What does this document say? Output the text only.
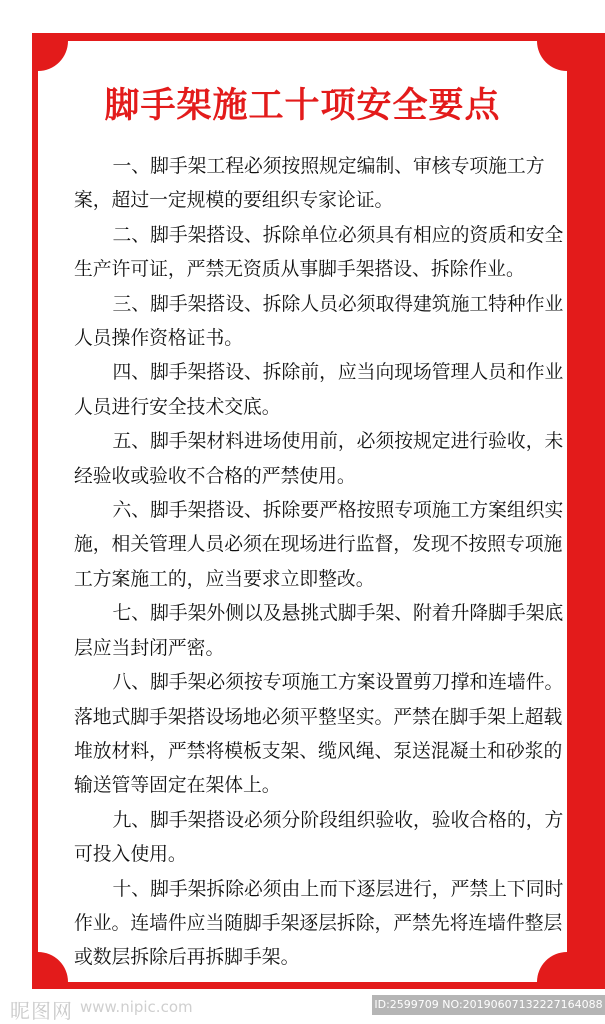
脚手架施工十项安全要点

一、脚手架工程必须按照规定编制、审核专项施工方案，超过一定规模的要组织专家论证。

二、脚手架搭设、拆除单位必须具有相应的资质和安全生产许可证，严禁无资质从事脚手架搭设、拆除作业。

三、脚手架搭设、拆除人员必须取得建筑施工特种作业人员操作资格证书。

四、脚手架搭设、拆除前，应当向现场管理人员和作业人员进行安全技术交底。

五、脚手架材料进场使用前，必须按规定进行验收，未经验收或验收不合格的严禁使用。

六、脚手架搭设、拆除要严格按照专项施工方案组织实施，相关管理人员必须在现场进行监督，发现不按照专项施工方案施工的，应当要求立即整改。

七、脚手架外侧以及悬挑式脚手架、附着升降脚手架底层应当封闭严密。

八、脚手架必须按专项施工方案设置剪刀撑和连墙件。落地式脚手架搭设场地必须平整坚实。严禁在脚手架上超载堆放材料，严禁将模板支架、缆风绳、泵送混凝土和砂浆的输送管等固定在架体上。

九、脚手架搭设必须分阶段组织验收，验收合格的，方可投入使用。

十、脚手架拆除必须由上而下逐层进行，严禁上下同时作业。连墙件应当随脚手架逐层拆除，严禁先将连墙件整层或数层拆除后再拆脚手架。

昵图网 www.nipic.com	ID:2599709 NO:20190607132227164088
